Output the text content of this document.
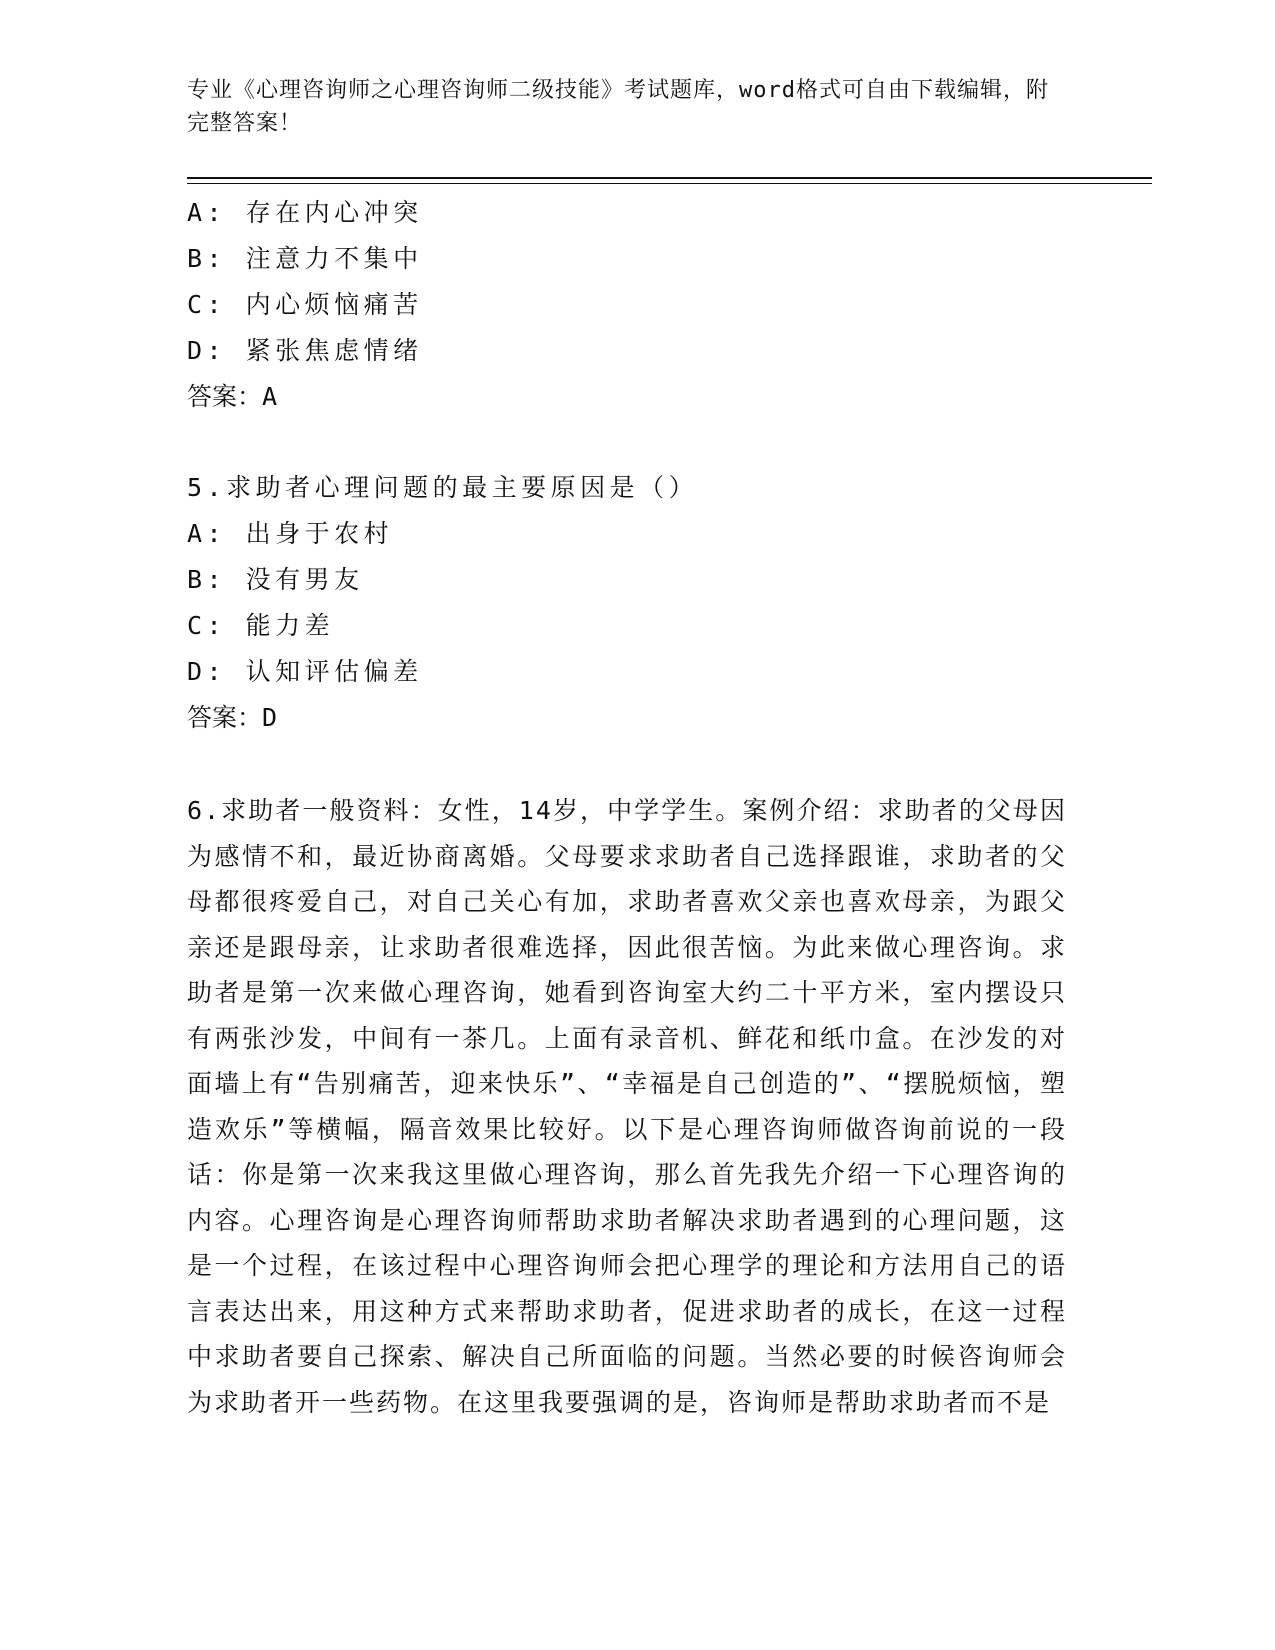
专业《心理咨询师之心理咨询师二级技能》考试题库，word格式可自由下载编辑，附完整答案！
A: 存在内心冲突
B: 注意力不集中
C: 内心烦恼痛苦
D: 紧张焦虑情绪
答案：A
5.求助者心理问题的最主要原因是（）
A: 出身于农村
B: 没有男友
C: 能力差
D: 认知评估偏差
答案：D
6.求助者一般资料：女性，14岁，中学学生。案例介绍：求助者的父母因为感情不和，最近协商离婚。父母要求求助者自己选择跟谁，求助者的父母都很疼爱自己，对自己关心有加，求助者喜欢父亲也喜欢母亲，为跟父亲还是跟母亲，让求助者很难选择，因此很苦恼。为此来做心理咨询。求助者是第一次来做心理咨询，她看到咨询室大约二十平方米，室内摆设只有两张沙发，中间有一茶几。上面有录音机、鲜花和纸巾盒。在沙发的对面墙上有“告别痛苦，迎来快乐”、“幸福是自己创造的”、“摆脱烦恼，塑造欢乐”等横幅，隔音效果比较好。以下是心理咨询师做咨询前说的一段话：你是第一次来我这里做心理咨询，那么首先我先介绍一下心理咨询的内容。心理咨询是心理咨询师帮助求助者解决求助者遇到的心理问题，这是一个过程，在该过程中心理咨询师会把心理学的理论和方法用自己的语言表达出来，用这种方式来帮助求助者，促进求助者的成长，在这一过程中求助者要自己探索、解决自己所面临的问题。当然必要的时候咨询师会为求助者开一些药物。在这里我要强调的是，咨询师是帮助求助者而不是
